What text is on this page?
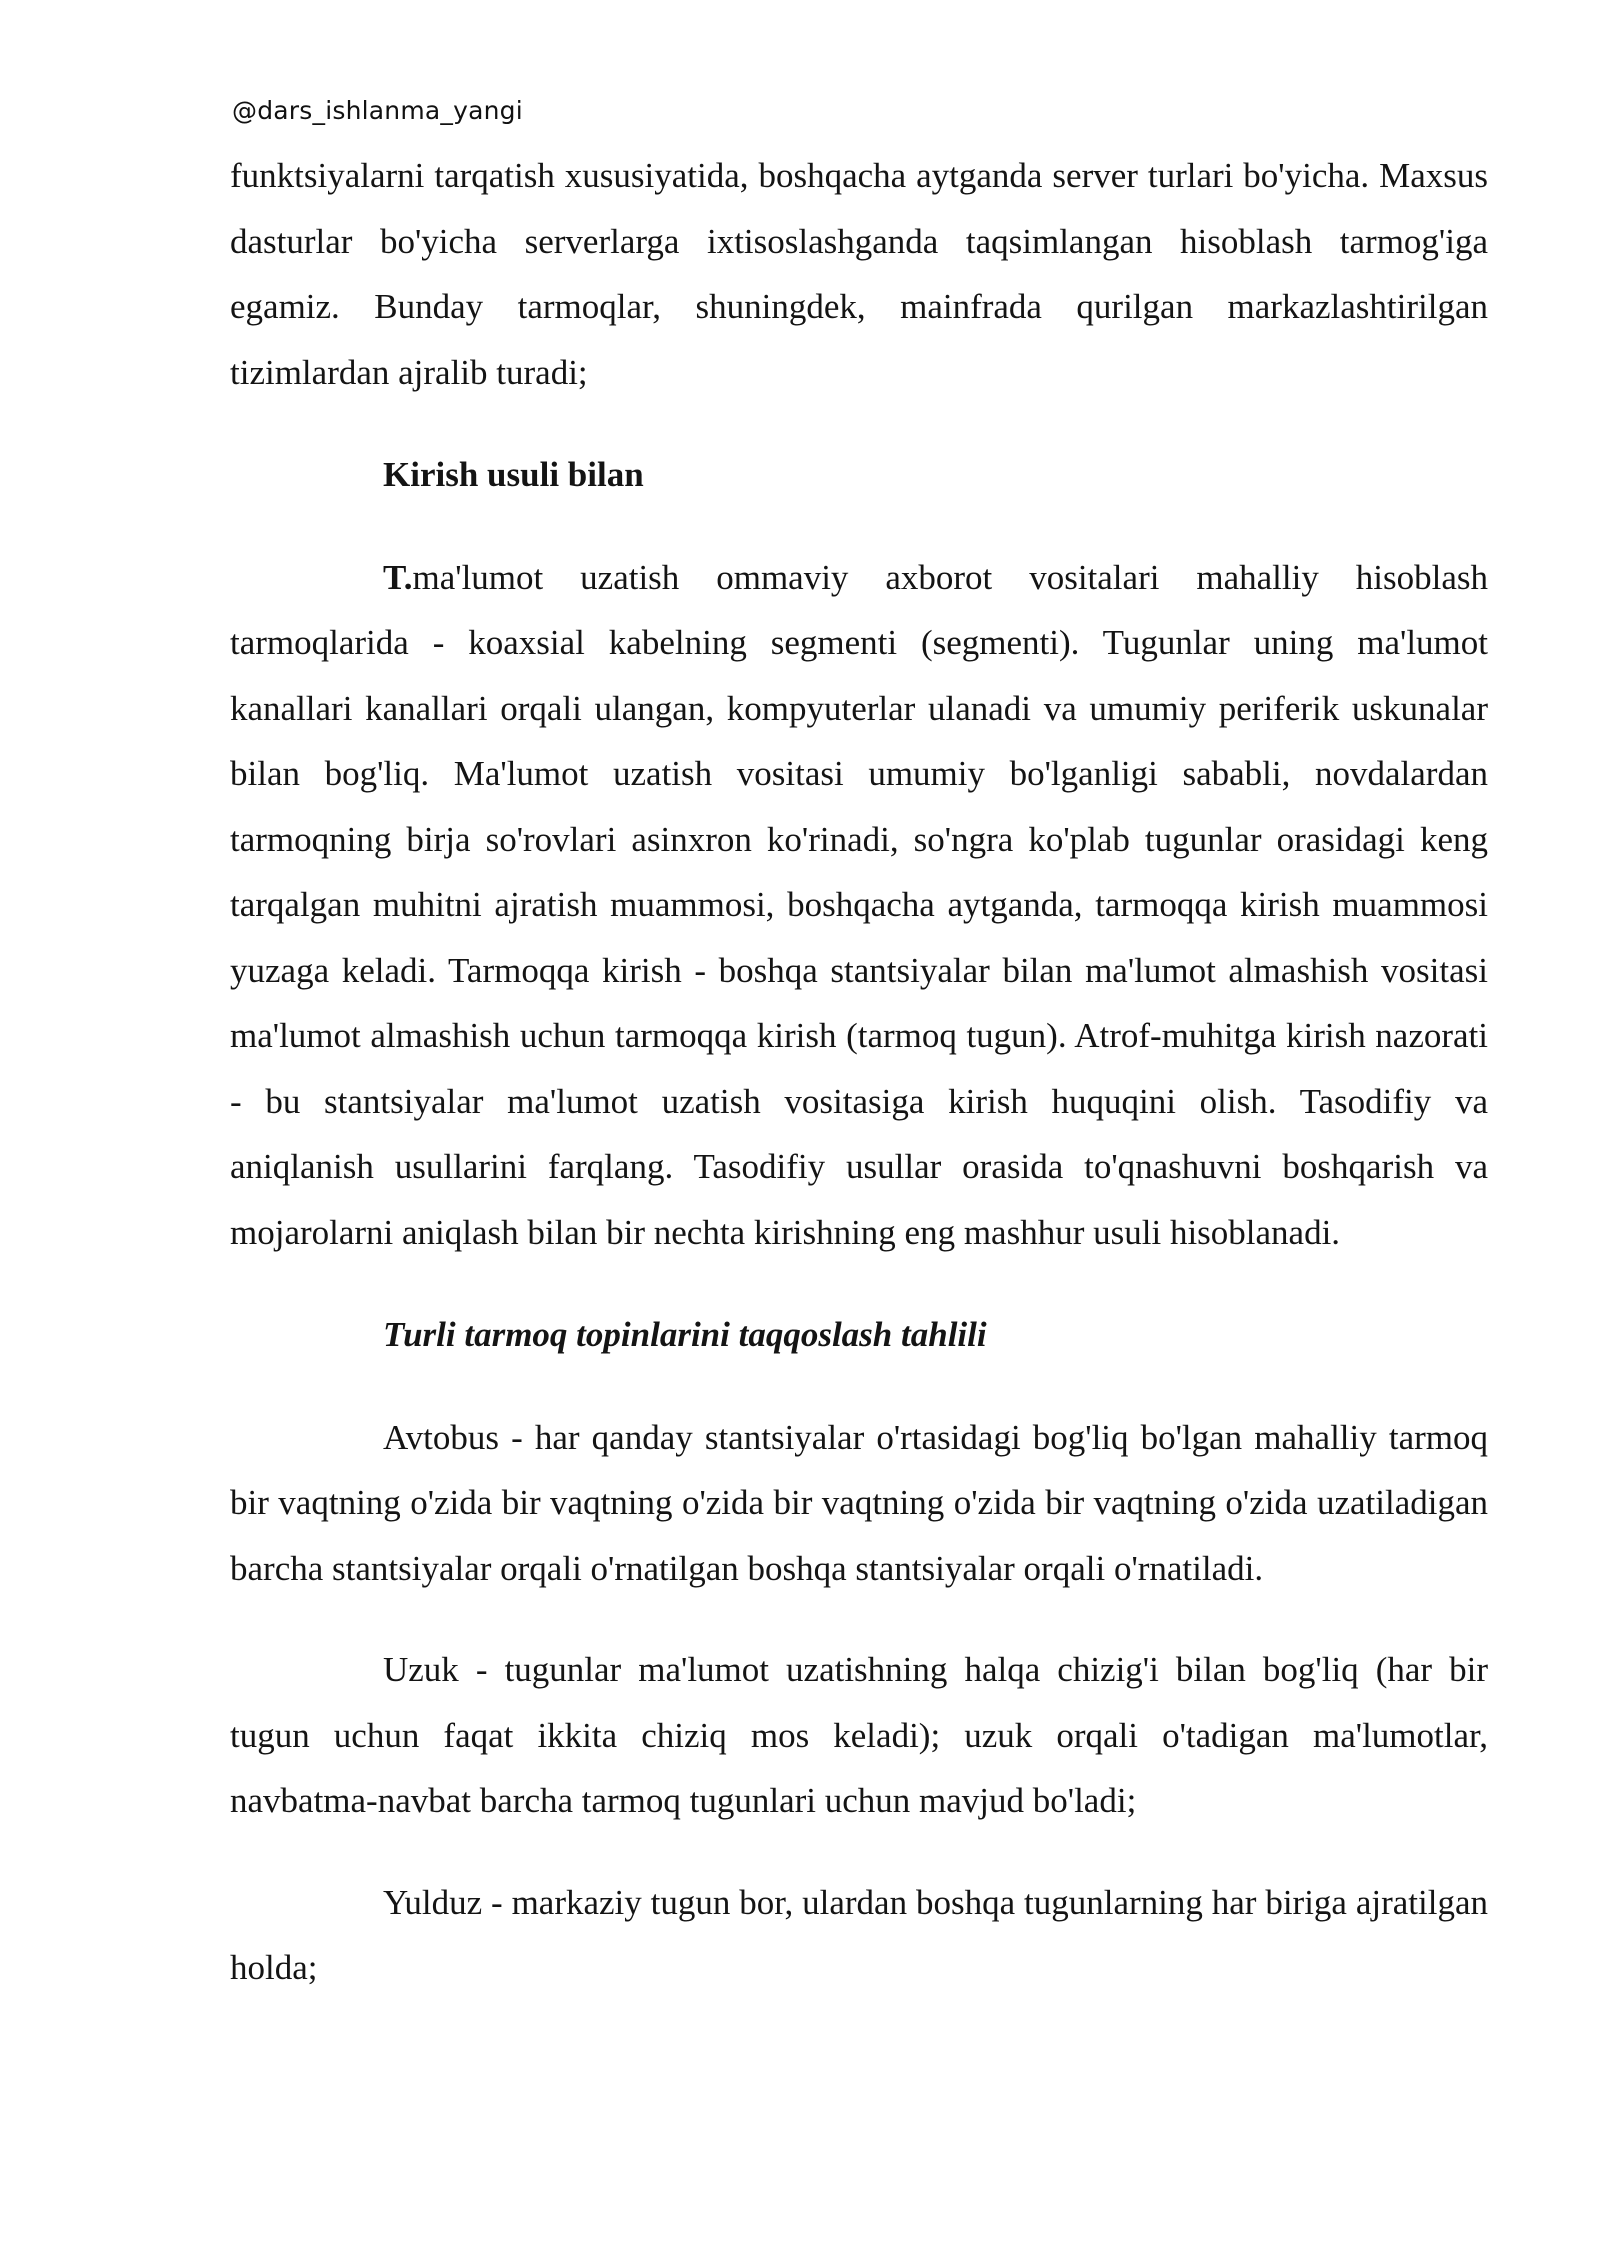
@dars_ishlanma_yangi

funktsiyalarni tarqatish xususiyatida, boshqacha aytganda server turlari bo'yicha. Maxsus dasturlar bo'yicha serverlarga ixtisoslashganda taqsimlangan hisoblash tarmog'iga egamiz. Bunday tarmoqlar, shuningdek, mainfrada qurilgan markazlashtirilgan tizimlardan ajralib turadi;

Kirish usuli bilan

T.ma'lumot uzatish ommaviy axborot vositalari mahalliy hisoblash tarmoqlarida - koaxsial kabelning segmenti (segmenti). Tugunlar uning ma'lumot kanallari kanallari orqali ulangan, kompyuterlar ulanadi va umumiy periferik uskunalar bilan bog'liq. Ma'lumot uzatish vositasi umumiy bo'lganligi sababli, novdalardan tarmoqning birja so'rovlari asinxron ko'rinadi, so'ngra ko'plab tugunlar orasidagi keng tarqalgan muhitni ajratish muammosi, boshqacha aytganda, tarmoqqa kirish muammosi yuzaga keladi. Tarmoqqa kirish - boshqa stantsiyalar bilan ma'lumot almashish vositasi ma'lumot almashish uchun tarmoqqa kirish (tarmoq tugun). Atrof-muhitga kirish nazorati - bu stantsiyalar ma'lumot uzatish vositasiga kirish huquqini olish. Tasodifiy va aniqlanish usullarini farqlang. Tasodifiy usullar orasida to'qnashuvni boshqarish va mojarolarni aniqlash bilan bir nechta kirishning eng mashhur usuli hisoblanadi.

Turli tarmoq topinlarini taqqoslash tahlili

Avtobus - har qanday stantsiyalar o'rtasidagi bog'liq bo'lgan mahalliy tarmoq bir vaqtning o'zida bir vaqtning o'zida bir vaqtning o'zida bir vaqtning o'zida uzatiladigan barcha stantsiyalar orqali o'rnatilgan boshqa stantsiyalar orqali o'rnatiladi.

Uzuk - tugunlar ma'lumot uzatishning halqa chizig'i bilan bog'liq (har bir tugun uchun faqat ikkita chiziq mos keladi); uzuk orqali o'tadigan ma'lumotlar, navbatma-navbat barcha tarmoq tugunlari uchun mavjud bo'ladi;

Yulduz - markaziy tugun bor, ulardan boshqa tugunlarning har biriga ajratilgan holda;
